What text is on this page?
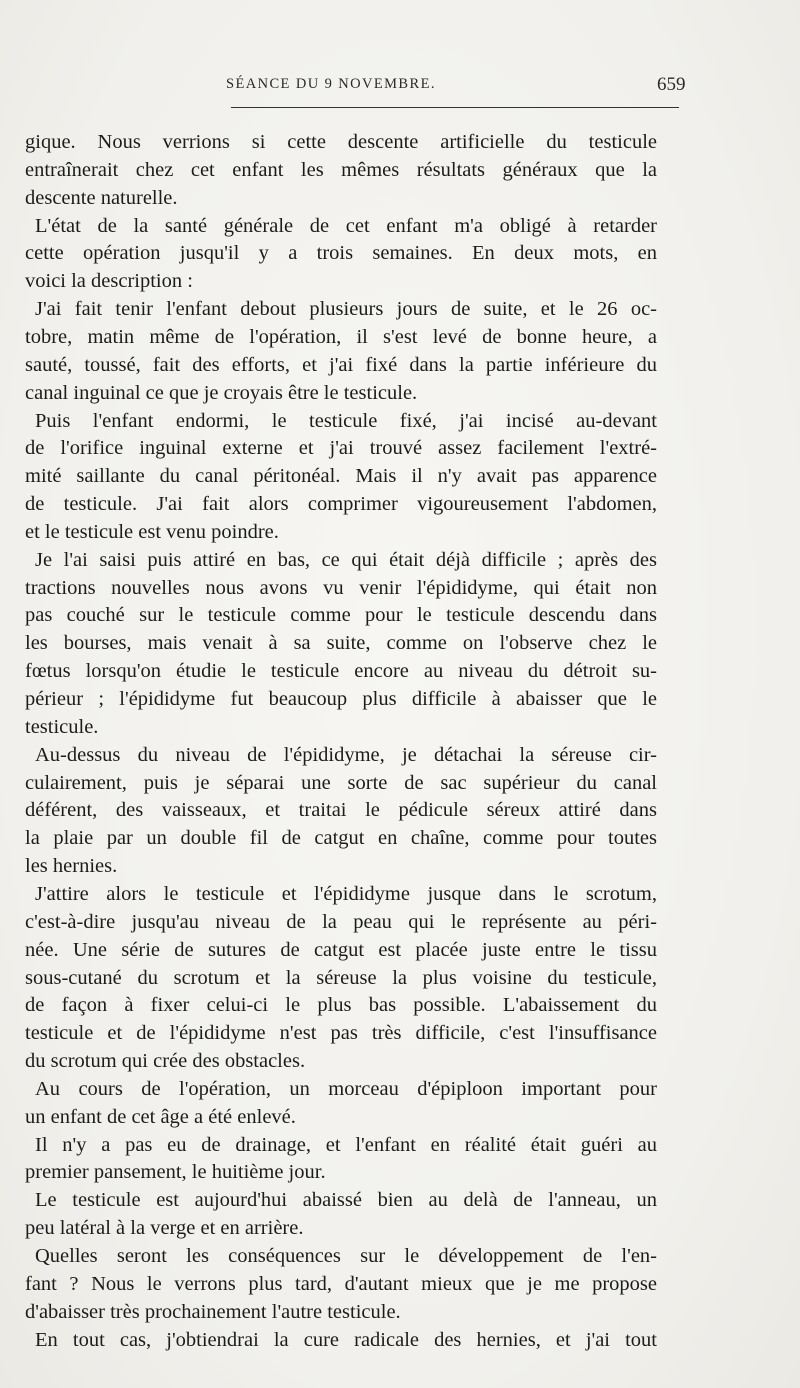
SÉANCE DU 9 NOVEMBRE.	659
gique. Nous verrions si cette descente artificielle du testicule
entraînerait chez cet enfant les mêmes résultats généraux que la
descente naturelle.
L'état de la santé générale de cet enfant m'a obligé à retarder
cette opération jusqu'il y a trois semaines. En deux mots, en
voici la description :
J'ai fait tenir l'enfant debout plusieurs jours de suite, et le 26 oc-
tobre, matin même de l'opération, il s'est levé de bonne heure, a
sauté, toussé, fait des efforts, et j'ai fixé dans la partie inférieure du
canal inguinal ce que je croyais être le testicule.
Puis l'enfant endormi, le testicule fixé, j'ai incisé au-devant
de l'orifice inguinal externe et j'ai trouvé assez facilement l'extré-
mité saillante du canal péritonéal. Mais il n'y avait pas apparence
de testicule. J'ai fait alors comprimer vigoureusement l'abdomen,
et le testicule est venu poindre.
Je l'ai saisi puis attiré en bas, ce qui était déjà difficile ; après des
tractions nouvelles nous avons vu venir l'épididyme, qui était non
pas couché sur le testicule comme pour le testicule descendu dans
les bourses, mais venait à sa suite, comme on l'observe chez le
fœtus lorsqu'on étudie le testicule encore au niveau du détroit su-
périeur ; l'épididyme fut beaucoup plus difficile à abaisser que le
testicule.
Au-dessus du niveau de l'épididyme, je détachai la séreuse cir-
culairement, puis je séparai une sorte de sac supérieur du canal
déférent, des vaisseaux, et traitai le pédicule séreux attiré dans
la plaie par un double fil de catgut en chaîne, comme pour toutes
les hernies.
J'attire alors le testicule et l'épididyme jusque dans le scrotum,
c'est-à-dire jusqu'au niveau de la peau qui le représente au péri-
née. Une série de sutures de catgut est placée juste entre le tissu
sous-cutané du scrotum et la séreuse la plus voisine du testicule,
de façon à fixer celui-ci le plus bas possible. L'abaissement du
testicule et de l'épididyme n'est pas très difficile, c'est l'insuffisance
du scrotum qui crée des obstacles.
Au cours de l'opération, un morceau d'épiploon important pour
un enfant de cet âge a été enlevé.
Il n'y a pas eu de drainage, et l'enfant en réalité était guéri au
premier pansement, le huitième jour.
Le testicule est aujourd'hui abaissé bien au delà de l'anneau, un
peu latéral à la verge et en arrière.
Quelles seront les conséquences sur le développement de l'en-
fant ? Nous le verrons plus tard, d'autant mieux que je me propose
d'abaisser très prochainement l'autre testicule.
En tout cas, j'obtiendrai la cure radicale des hernies, et j'ai tout
